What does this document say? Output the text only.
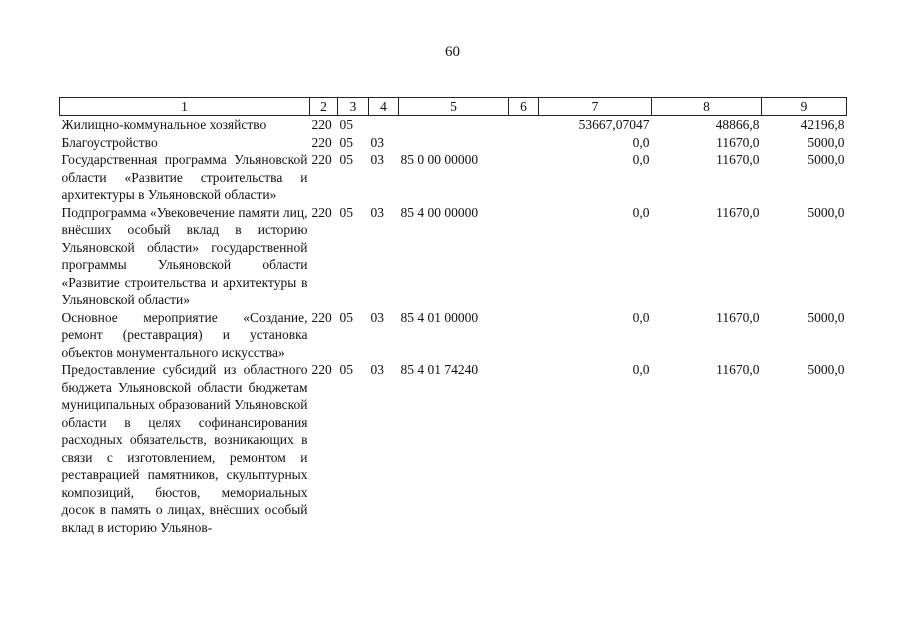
60
1	2	3	4	5	6	7	8	9
Жилищно-коммунальное хозяйство	220	05				53667,07047	48866,8	42196,8
Благоустройство	220	05	03			0,0	11670,0	5000,0
Государственная программа Ульяновской области «Развитие строительства и архитектуры в Ульяновской области»	220	05	03	85 0 00 00000		0,0	11670,0	5000,0
Подпрограмма «Увековечение памяти лиц, внёсших особый вклад в историю Ульяновской области» государственной программы Ульяновской области «Развитие строительства и архитектуры в Ульяновской области»	220	05	03	85 4 00 00000		0,0	11670,0	5000,0
Основное мероприятие «Создание, ремонт (реставрация) и установка объектов монументального искусства»	220	05	03	85 4 01 00000		0,0	11670,0	5000,0
Предоставление субсидий из областного бюджета Ульяновской области бюджетам муниципальных образований Ульяновской области в целях софинансирования расходных обязательств, возникающих в связи с изготовлением, ремонтом и реставрацией памятников, скульптурных композиций, бюстов, мемориальных досок в память о лицах, внёсших особый вклад в историю Ульянов-	220	05	03	85 4 01 74240		0,0	11670,0	5000,0
